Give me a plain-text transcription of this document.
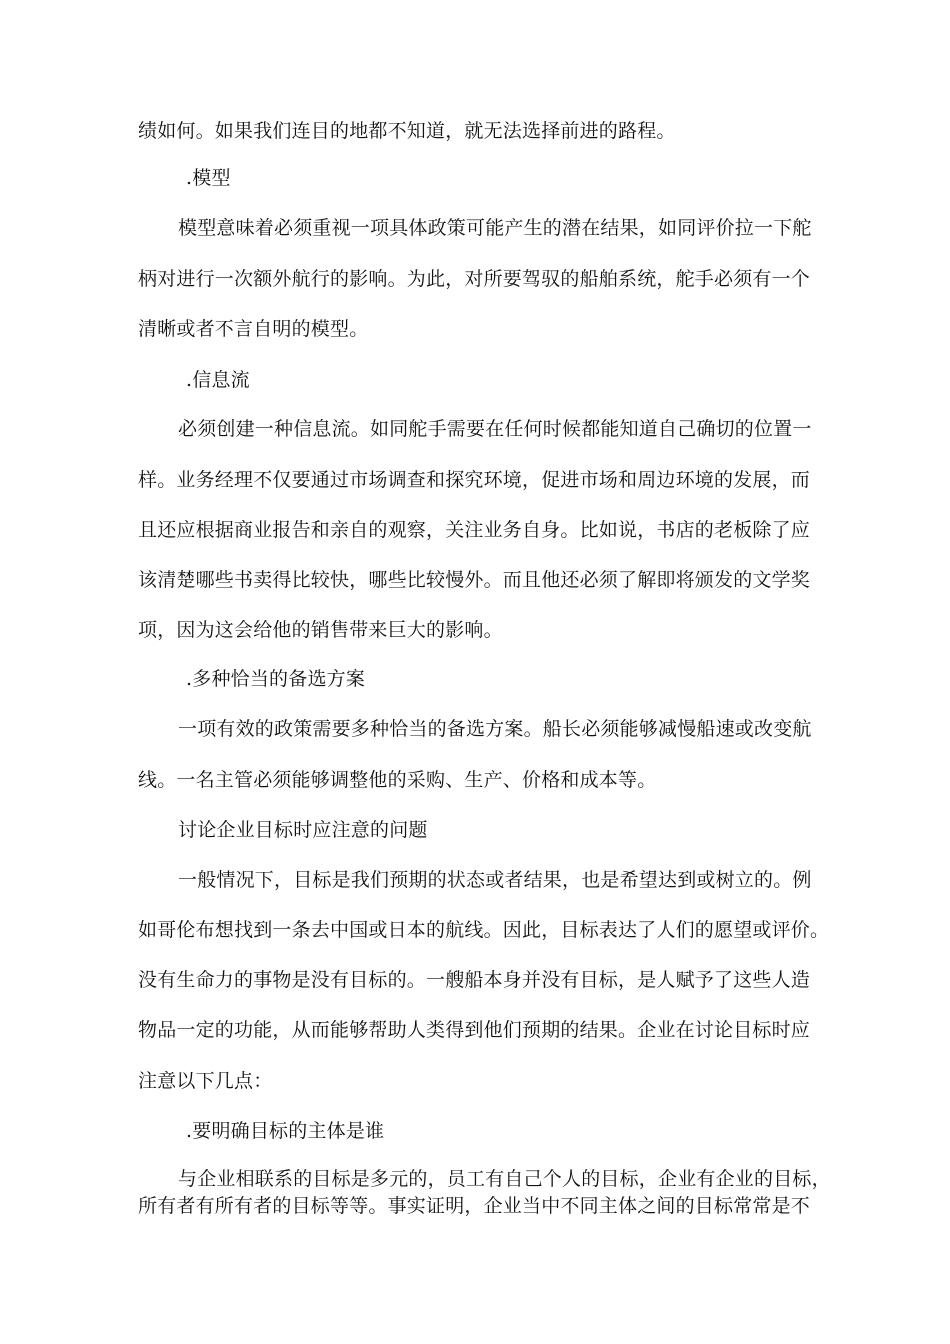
绩如何。如果我们连目的地都不知道，就无法选择前进的路程。
.模型
模型意味着必须重视一项具体政策可能产生的潜在结果，如同评价拉一下舵
柄对进行一次额外航行的影响。为此，对所要驾驭的船舶系统，舵手必须有一个
清晰或者不言自明的模型。
.信息流
必须创建一种信息流。如同舵手需要在任何时候都能知道自己确切的位置一
样。业务经理不仅要通过市场调查和探究环境，促进市场和周边环境的发展，而
且还应根据商业报告和亲自的观察，关注业务自身。比如说，书店的老板除了应
该清楚哪些书卖得比较快，哪些比较慢外。而且他还必须了解即将颁发的文学奖
项，因为这会给他的销售带来巨大的影响。
.多种恰当的备选方案
一项有效的政策需要多种恰当的备选方案。船长必须能够减慢船速或改变航
线。一名主管必须能够调整他的采购、生产、价格和成本等。
讨论企业目标时应注意的问题
一般情况下，目标是我们预期的状态或者结果，也是希望达到或树立的。例
如哥伦布想找到一条去中国或日本的航线。因此，目标表达了人们的愿望或评价。
没有生命力的事物是没有目标的。一艘船本身并没有目标，是人赋予了这些人造
物品一定的功能，从而能够帮助人类得到他们预期的结果。企业在讨论目标时应
注意以下几点：
.要明确目标的主体是谁
与企业相联系的目标是多元的，员工有自己个人的目标，企业有企业的目标，
所有者有所有者的目标等等。事实证明，企业当中不同主体之间的目标常常是不
